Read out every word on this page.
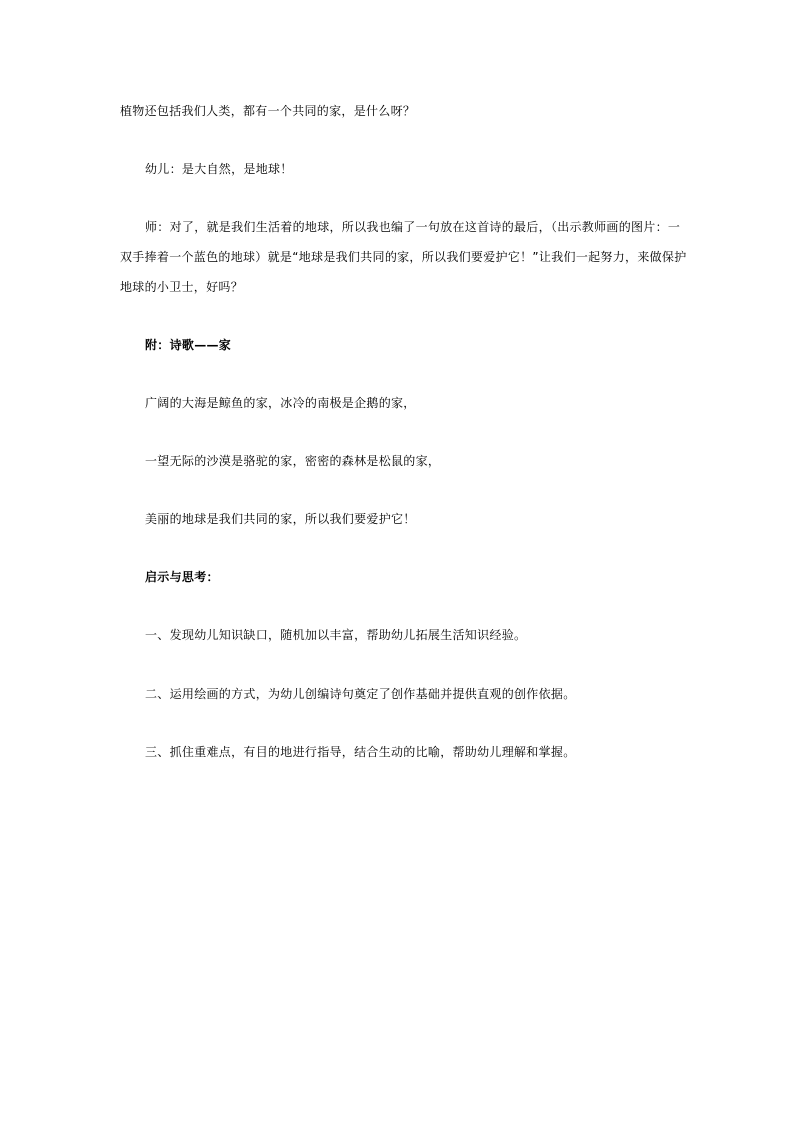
植物还包括我们人类，都有一个共同的家，是什么呀？
幼儿：是大自然，是地球！
师：对了，就是我们生活着的地球，所以我也编了一句放在这首诗的最后，（出示教师画的图片：一
双手捧着一个蓝色的地球）就是“地球是我们共同的家，所以我们要爱护它！”让我们一起努力，来做保护
地球的小卫士，好吗？
附：诗歌——家
广阔的大海是鲸鱼的家，冰冷的南极是企鹅的家，
一望无际的沙漠是骆驼的家，密密的森林是松鼠的家，
美丽的地球是我们共同的家，所以我们要爱护它！
启示与思考：
一、发现幼儿知识缺口，随机加以丰富，帮助幼儿拓展生活知识经验。
二、运用绘画的方式，为幼儿创编诗句奠定了创作基础并提供直观的创作依据。
三、抓住重难点，有目的地进行指导，结合生动的比喻，帮助幼儿理解和掌握。
